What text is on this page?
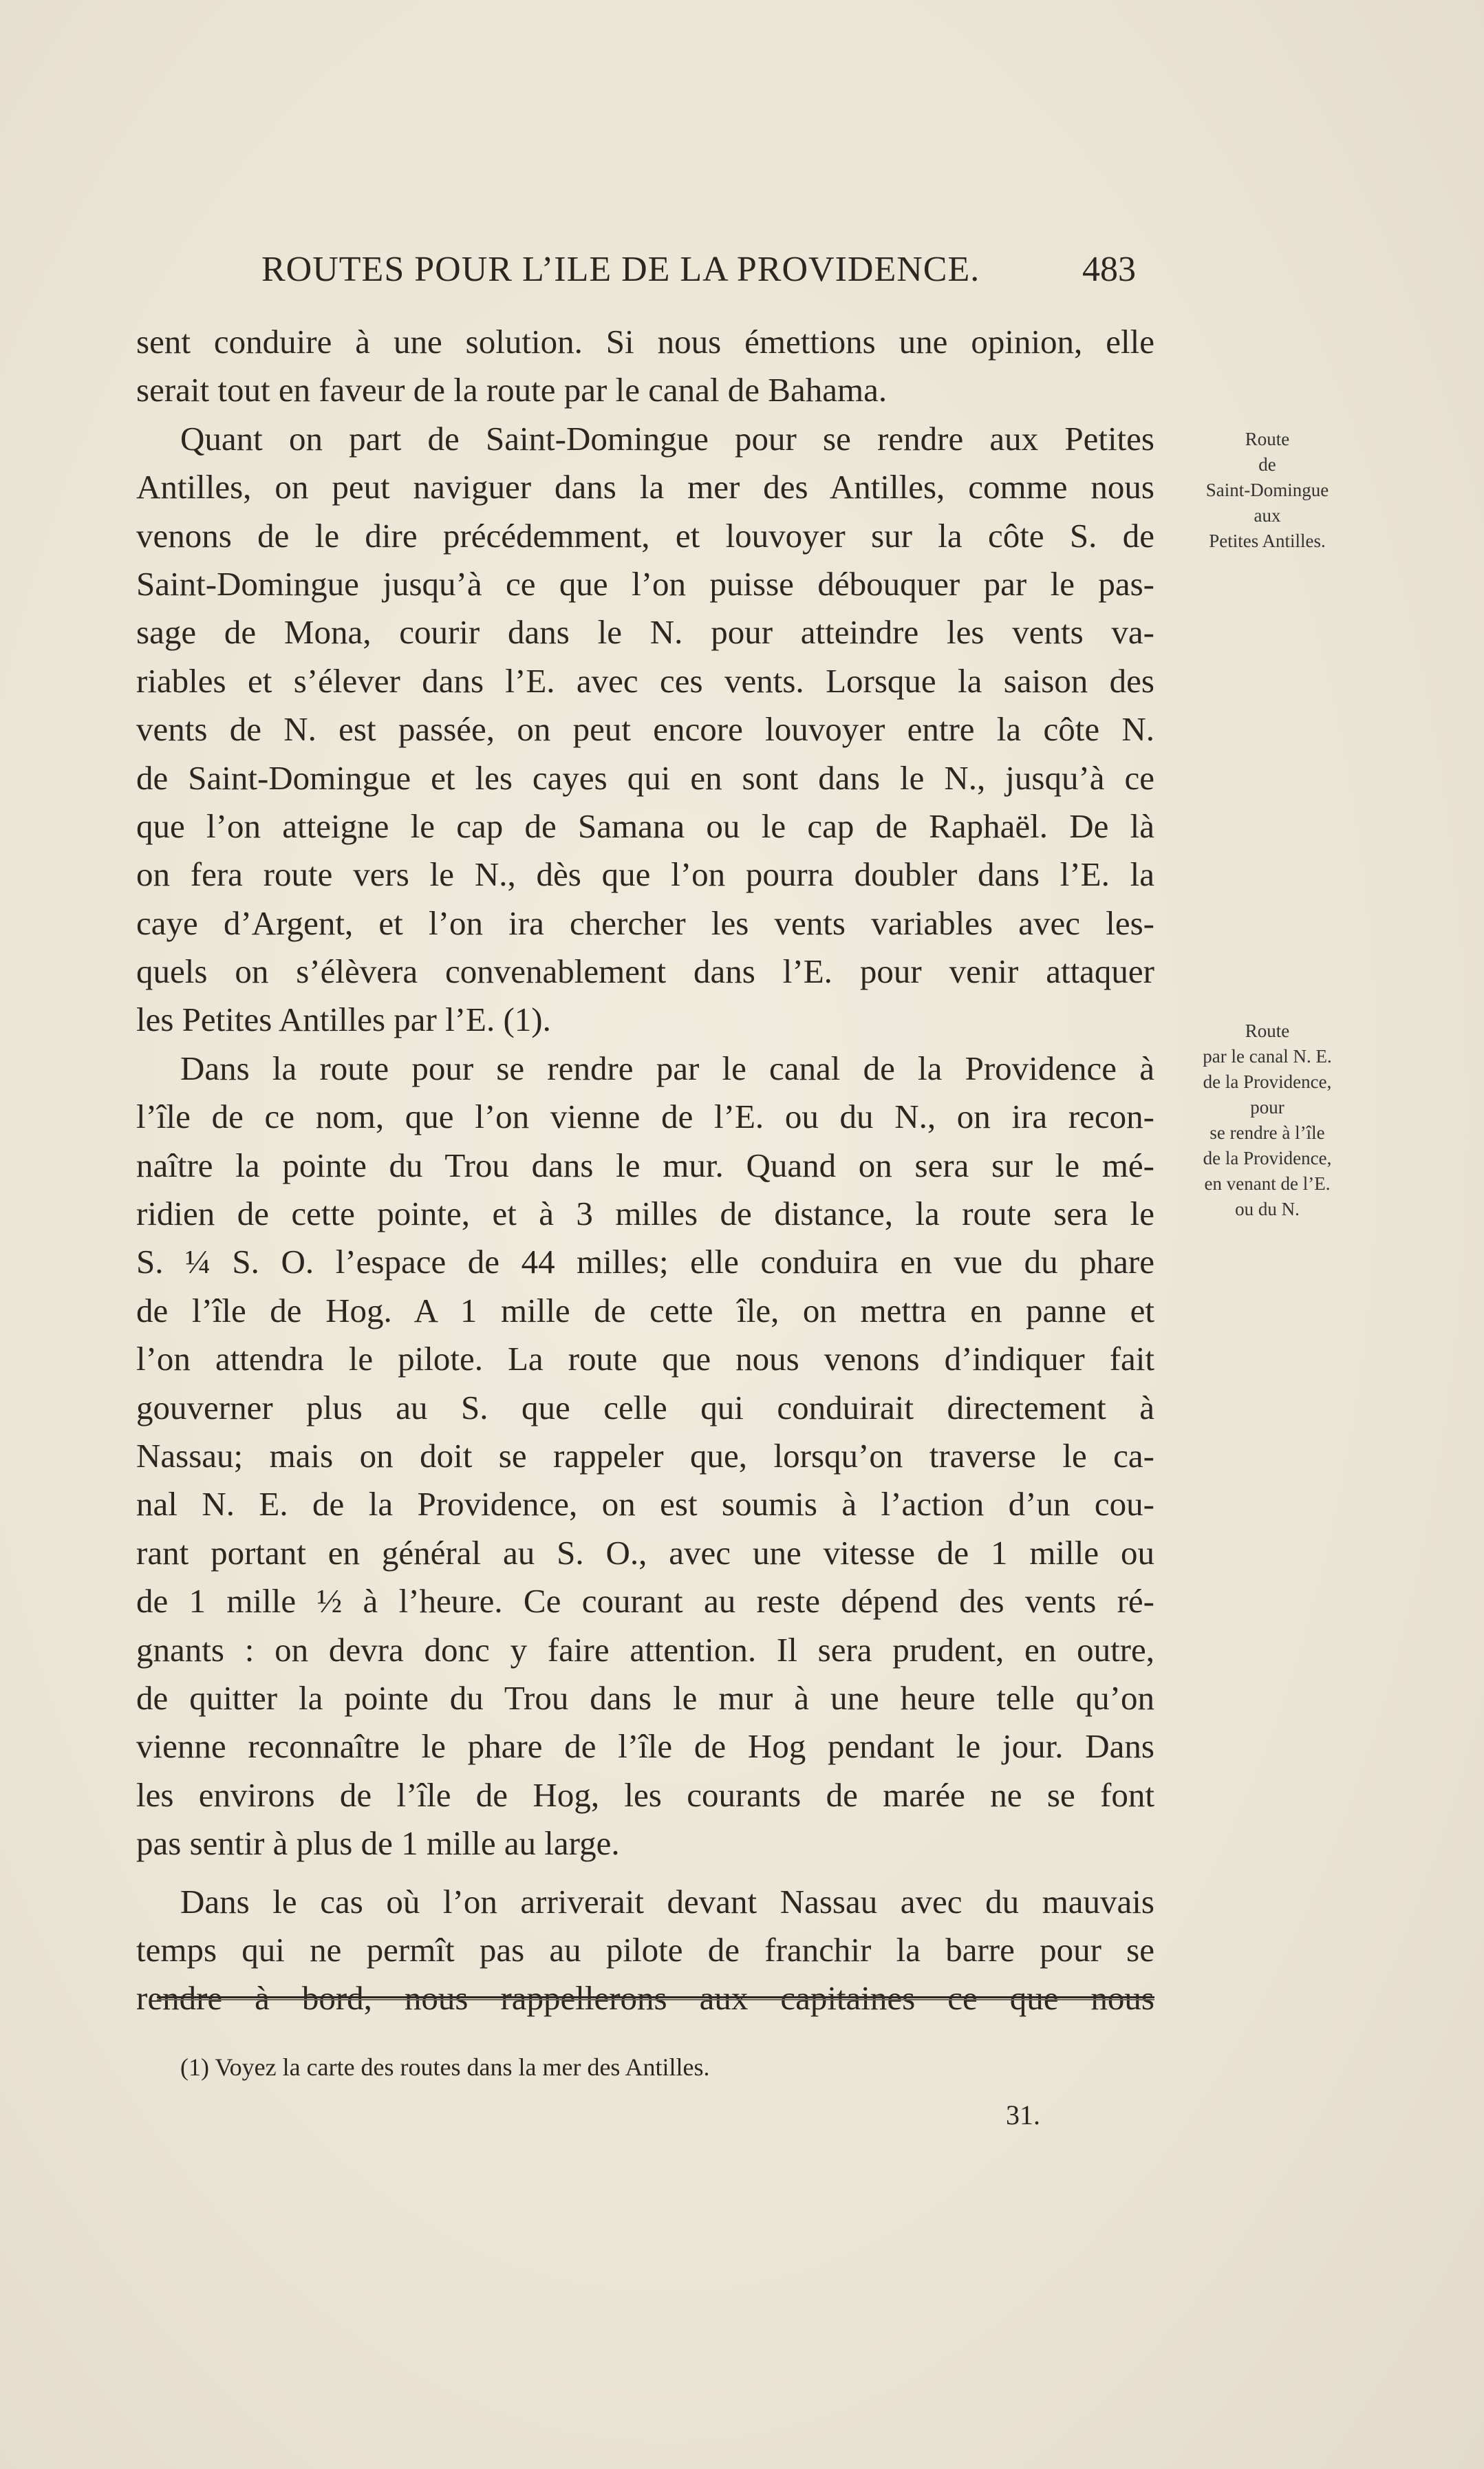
ROUTES POUR L’ILE DE LA PROVIDENCE.	483
sent conduire à une solution. Si nous émettions une opinion, elle
serait tout en faveur de la route par le canal de Bahama.
Quant on part de Saint-Domingue pour se rendre aux Petites
Antilles, on peut naviguer dans la mer des Antilles, comme nous
venons de le dire précédemment, et louvoyer sur la côte S. de
Saint-Domingue jusqu’à ce que l’on puisse débouquer par le pas-
sage de Mona, courir dans le N. pour atteindre les vents va-
riables et s’élever dans l’E. avec ces vents. Lorsque la saison des
vents de N. est passée, on peut encore louvoyer entre la côte N.
de Saint-Domingue et les cayes qui en sont dans le N., jusqu’à ce
que l’on atteigne le cap de Samana ou le cap de Raphaël. De là
on fera route vers le N., dès que l’on pourra doubler dans l’E. la
caye d’Argent, et l’on ira chercher les vents variables avec les-
quels on s’élèvera convenablement dans l’E. pour venir attaquer
les Petites Antilles par l’E. (1).
Dans la route pour se rendre par le canal de la Providence à
l’île de ce nom, que l’on vienne de l’E. ou du N., on ira recon-
naître la pointe du Trou dans le mur. Quand on sera sur le mé-
ridien de cette pointe, et à 3 milles de distance, la route sera le
S. ¼ S. O. l’espace de 44 milles; elle conduira en vue du phare
de l’île de Hog. A 1 mille de cette île, on mettra en panne et
l’on attendra le pilote. La route que nous venons d’indiquer fait
gouverner plus au S. que celle qui conduirait directement à
Nassau; mais on doit se rappeler que, lorsqu’on traverse le ca-
nal N. E. de la Providence, on est soumis à l’action d’un cou-
rant portant en général au S. O., avec une vitesse de 1 mille ou
de 1 mille ½ à l’heure. Ce courant au reste dépend des vents ré-
gnants : on devra donc y faire attention. Il sera prudent, en outre,
de quitter la pointe du Trou dans le mur à une heure telle qu’on
vienne reconnaître le phare de l’île de Hog pendant le jour. Dans
les environs de l’île de Hog, les courants de marée ne se font
pas sentir à plus de 1 mille au large.
Dans le cas où l’on arriverait devant Nassau avec du mauvais
temps qui ne permît pas au pilote de franchir la barre pour se
rendre à bord, nous rappellerons aux capitaines ce que nous
Route
de
Saint-Domingue
aux
Petites Antilles.
Route
par le canal N. E.
de la Providence,
pour
se rendre à l’île
de la Providence,
en venant de l’E.
ou du N.
(1) Voyez la carte des routes dans la mer des Antilles.
31.
